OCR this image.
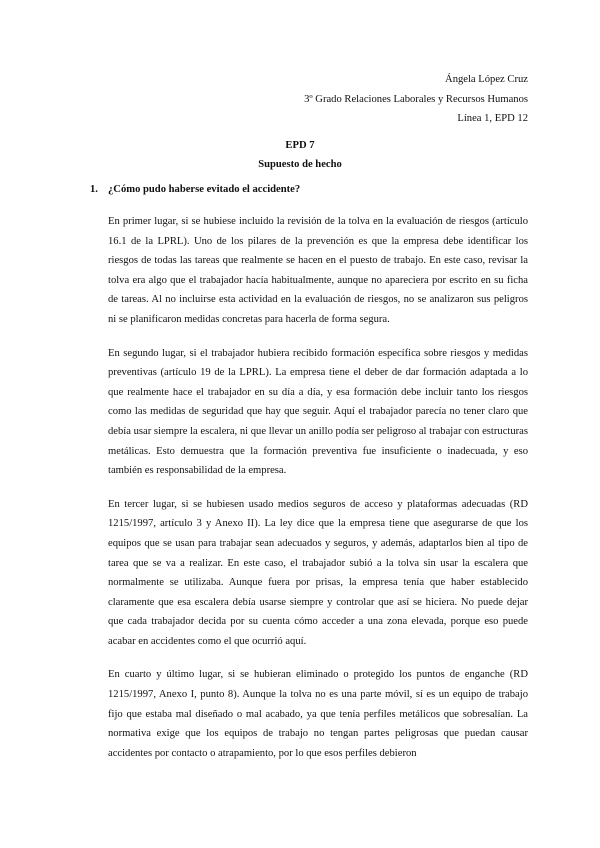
Ángela López Cruz
3º Grado Relaciones Laborales y Recursos Humanos
Línea 1, EPD 12
EPD 7
Supuesto de hecho
1. ¿Cómo pudo haberse evitado el accidente?

En primer lugar, si se hubiese incluido la revisión de la tolva en la evaluación de riesgos (artículo 16.1 de la LPRL). Uno de los pilares de la prevención es que la empresa debe identificar los riesgos de todas las tareas que realmente se hacen en el puesto de trabajo. En este caso, revisar la tolva era algo que el trabajador hacía habitualmente, aunque no apareciera por escrito en su ficha de tareas. Al no incluirse esta actividad en la evaluación de riesgos, no se analizaron sus peligros ni se planificaron medidas concretas para hacerla de forma segura.

En segundo lugar, si el trabajador hubiera recibido formación específica sobre riesgos y medidas preventivas (artículo 19 de la LPRL). La empresa tiene el deber de dar formación adaptada a lo que realmente hace el trabajador en su día a día, y esa formación debe incluir tanto los riesgos como las medidas de seguridad que hay que seguir. Aquí el trabajador parecía no tener claro que debía usar siempre la escalera, ni que llevar un anillo podía ser peligroso al trabajar con estructuras metálicas. Esto demuestra que la formación preventiva fue insuficiente o inadecuada, y eso también es responsabilidad de la empresa.

En tercer lugar, si se hubiesen usado medios seguros de acceso y plataformas adecuadas (RD 1215/1997, artículo 3 y Anexo II). La ley dice que la empresa tiene que asegurarse de que los equipos que se usan para trabajar sean adecuados y seguros, y además, adaptarlos bien al tipo de tarea que se va a realizar. En este caso, el trabajador subió a la tolva sin usar la escalera que normalmente se utilizaba. Aunque fuera por prisas, la empresa tenía que haber establecido claramente que esa escalera debía usarse siempre y controlar que así se hiciera. No puede dejar que cada trabajador decida por su cuenta cómo acceder a una zona elevada, porque eso puede acabar en accidentes como el que ocurrió aquí.

En cuarto y último lugar, si se hubieran eliminado o protegido los puntos de enganche (RD 1215/1997, Anexo I, punto 8). Aunque la tolva no es una parte móvil, sí es un equipo de trabajo fijo que estaba mal diseñado o mal acabado, ya que tenía perfiles metálicos que sobresalían. La normativa exige que los equipos de trabajo no tengan partes peligrosas que puedan causar accidentes por contacto o atrapamiento, por lo que esos perfiles debieron
